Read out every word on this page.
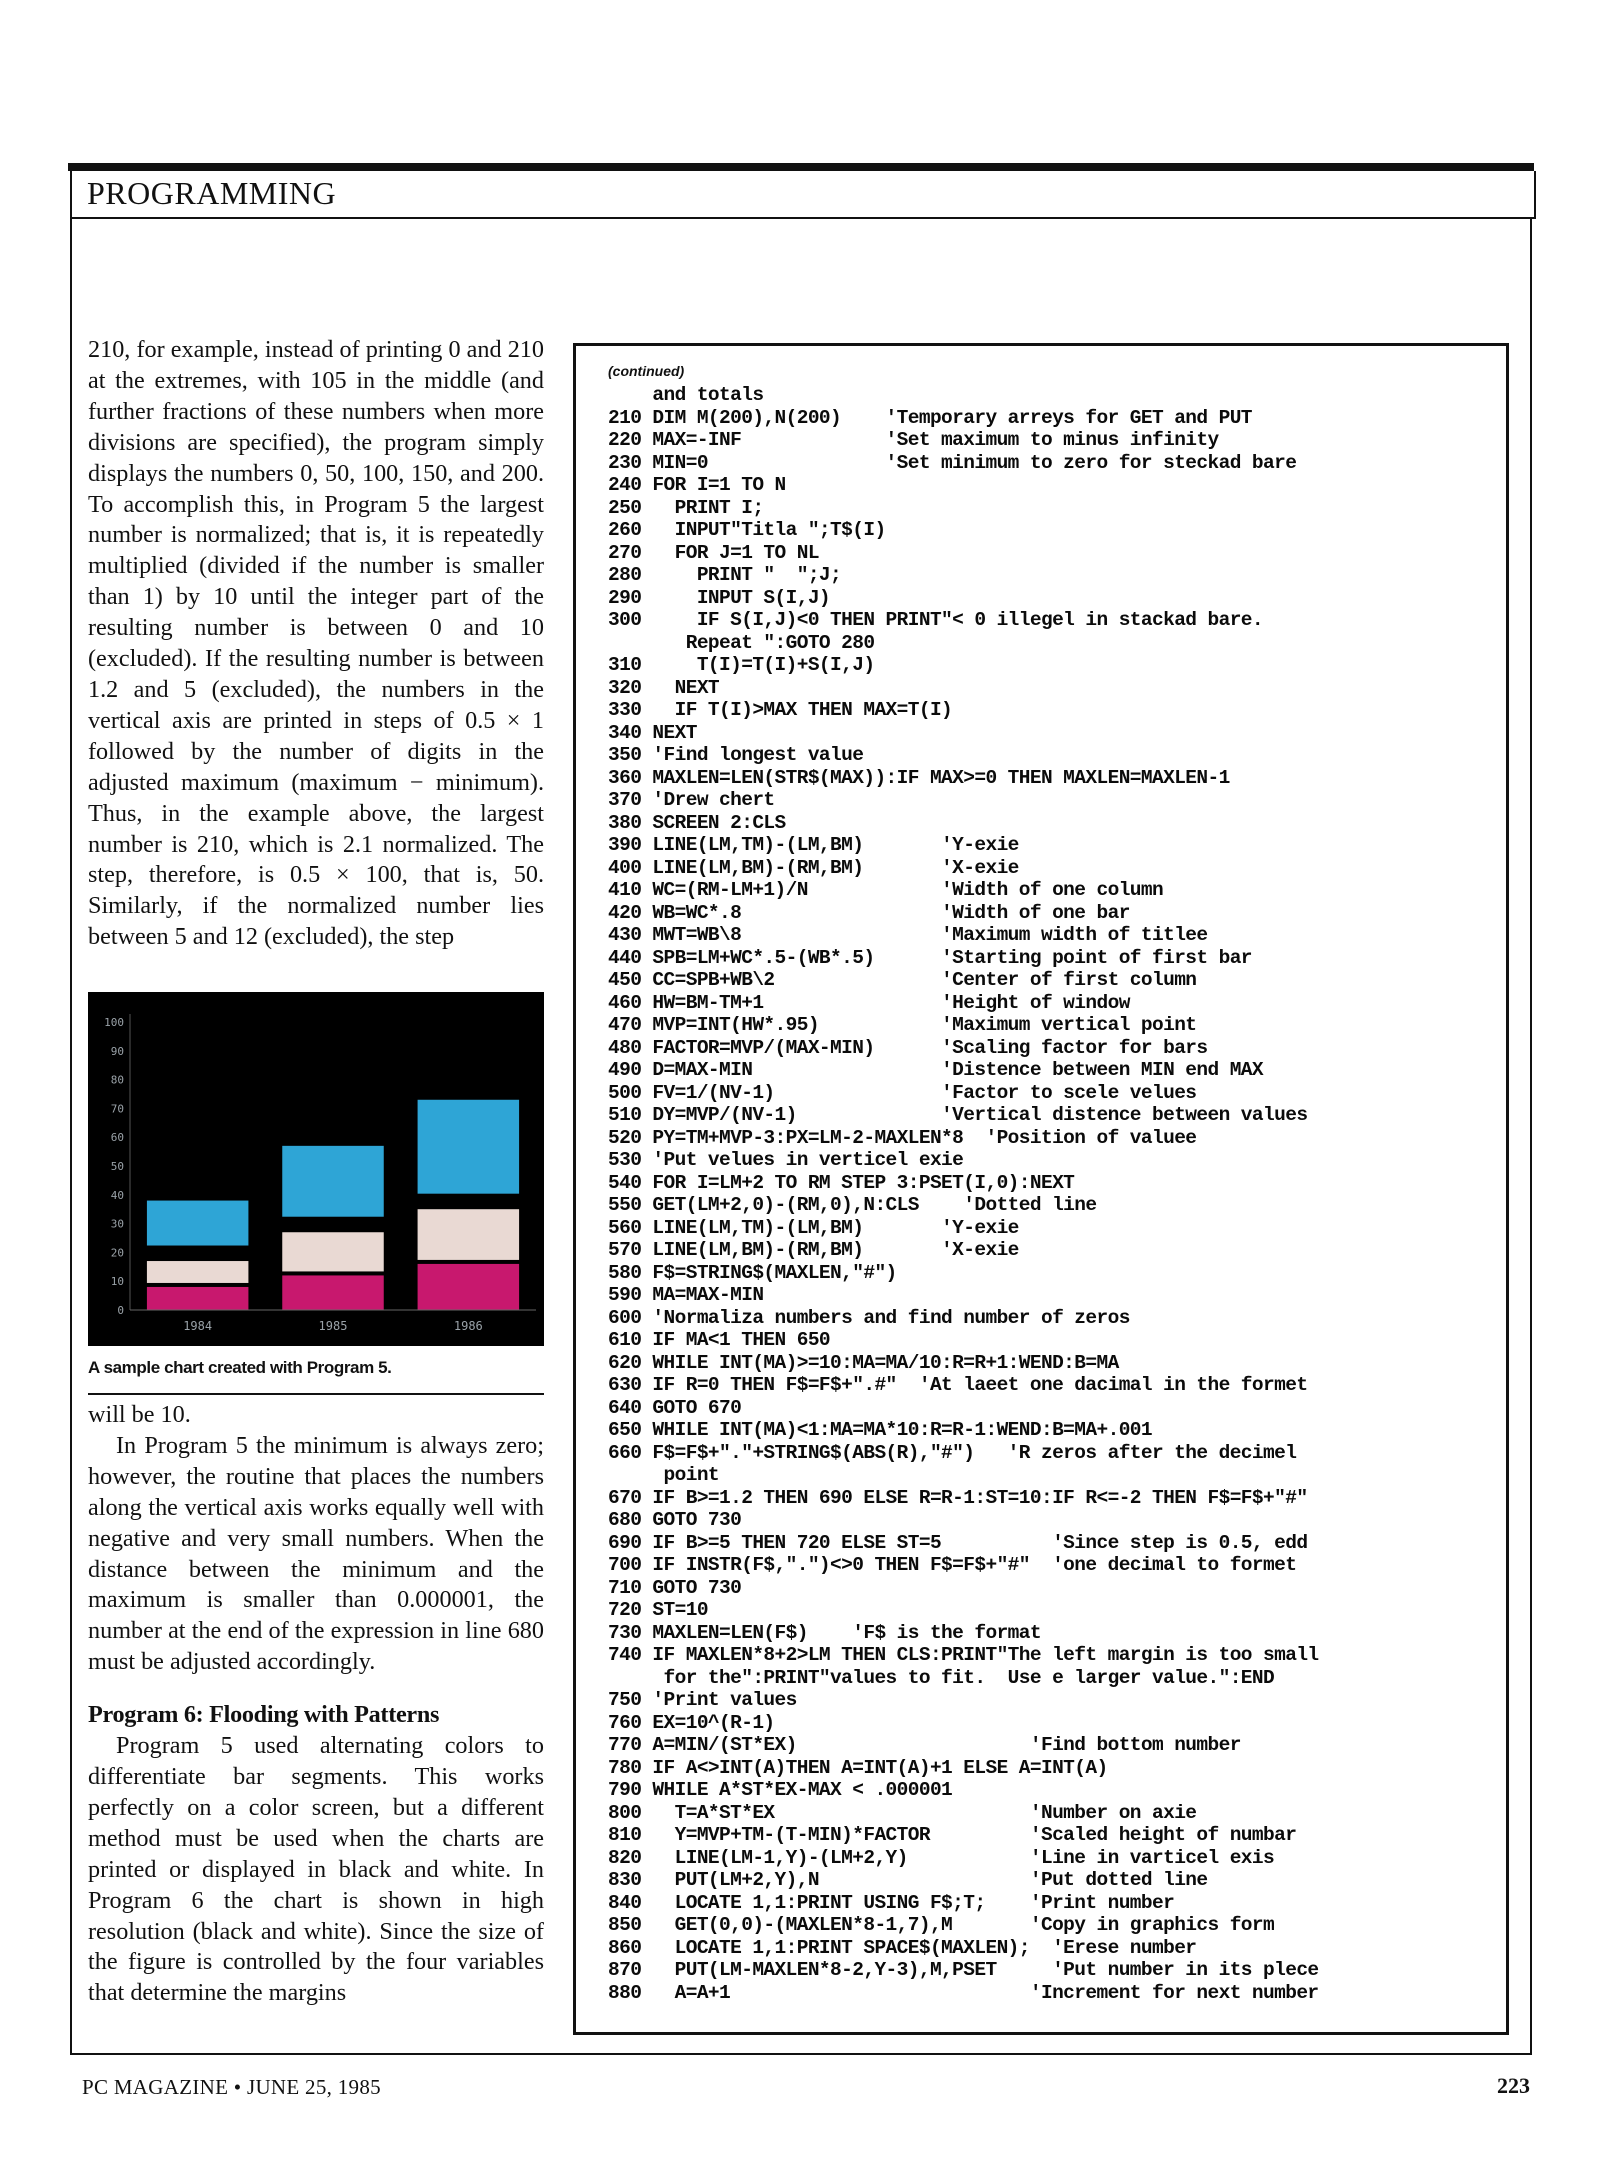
PROGRAMMING

210, for example, instead of printing 0 and 210 at the extremes, with 105 in the middle (and further fractions of these numbers when more divisions are specified), the program simply displays the numbers 0, 50, 100, 150, and 200. To accomplish this, in Program 5 the largest number is normalized; that is, it is repeatedly multiplied (divided if the number is smaller than 1) by 10 until the integer part of the resulting number is between 0 and 10 (excluded). If the resulting number is between 1.2 and 5 (excluded), the numbers in the vertical axis are printed in steps of 0.5 × 1 followed by the number of digits in the adjusted maximum (maximum − minimum). Thus, in the example above, the largest number is 210, which is 2.1 normalized. The step, therefore, is 0.5 × 100, that is, 50. Similarly, if the normalized number lies between 5 and 12 (excluded), the step

100
90
80
70
60
50
40
30
20
10
0
1984	1985	1986
A sample chart created with Program 5.

will be 10.

In Program 5 the minimum is always zero; however, the routine that places the numbers along the vertical axis works equally well with negative and very small numbers. When the distance between the minimum and the maximum is smaller than 0.000001, the number at the end of the expression in line 680 must be adjusted accordingly.

Program 6: Flooding with Patterns

Program 5 used alternating colors to differentiate bar segments. This works perfectly on a color screen, but a different method must be used when the charts are printed or displayed in black and white. In Program 6 the chart is shown in high resolution (black and white). Since the size of the figure is controlled by the four variables that determine the margins

(continued)
and totals
210 DIM M(200),N(200)    'Temporary arreys for GET and PUT
220 MAX=-INF             'Set maximum to minus infinity
230 MIN=0                'Set minimum to zero for steckad bare
240 FOR I=1 TO N
250   PRINT I;
260   INPUT"Titla ";T$(I)
270   FOR J=1 TO NL
280     PRINT "  ";J;
290     INPUT S(I,J)
300     IF S(I,J)<0 THEN PRINT"< 0 illegel in stackad bare.
Repeat ":GOTO 280
310     T(I)=T(I)+S(I,J)
320   NEXT
330   IF T(I)>MAX THEN MAX=T(I)
340 NEXT
350 'Find longest value
360 MAXLEN=LEN(STR$(MAX)):IF MAX>=0 THEN MAXLEN=MAXLEN-1
370 'Drew chert
380 SCREEN 2:CLS
390 LINE(LM,TM)-(LM,BM)       'Y-exie
400 LINE(LM,BM)-(RM,BM)       'X-exie
410 WC=(RM-LM+1)/N            'Width of one column
420 WB=WC*.8                  'Width of one bar
430 MWT=WB\8                  'Maximum width of titlee
440 SPB=LM+WC*.5-(WB*.5)      'Starting point of first bar
450 CC=SPB+WB\2               'Center of first column
460 HW=BM-TM+1                'Height of window
470 MVP=INT(HW*.95)           'Maximum vertical point
480 FACTOR=MVP/(MAX-MIN)      'Scaling factor for bars
490 D=MAX-MIN                 'Distence between MIN end MAX
500 FV=1/(NV-1)               'Factor to scele velues
510 DY=MVP/(NV-1)             'Vertical distence between values
520 PY=TM+MVP-3:PX=LM-2-MAXLEN*8  'Position of valuee
530 'Put velues in verticel exie
540 FOR I=LM+2 TO RM STEP 3:PSET(I,0):NEXT
550 GET(LM+2,0)-(RM,0),N:CLS    'Dotted line
560 LINE(LM,TM)-(LM,BM)       'Y-exie
570 LINE(LM,BM)-(RM,BM)       'X-exie
580 F$=STRING$(MAXLEN,"#")
590 MA=MAX-MIN
600 'Normaliza numbers and find number of zeros
610 IF MA<1 THEN 650
620 WHILE INT(MA)>=10:MA=MA/10:R=R+1:WEND:B=MA
630 IF R=0 THEN F$=F$+".#"  'At laeet one dacimal in the formet
640 GOTO 670
650 WHILE INT(MA)<1:MA=MA*10:R=R-1:WEND:B=MA+.001
660 F$=F$+"."+STRING$(ABS(R),"#")   'R zeros after the decimel
point
670 IF B>=1.2 THEN 690 ELSE R=R-1:ST=10:IF R<=-2 THEN F$=F$+"#"
680 GOTO 730
690 IF B>=5 THEN 720 ELSE ST=5          'Since step is 0.5, edd
700 IF INSTR(F$,".")<>0 THEN F$=F$+"#"  'one decimal to formet
710 GOTO 730
720 ST=10
730 MAXLEN=LEN(F$)    'F$ is the format
740 IF MAXLEN*8+2>LM THEN CLS:PRINT"The left margin is too small
for the":PRINT"values to fit.  Use e larger value.":END
750 'Print values
760 EX=10^(R-1)
770 A=MIN/(ST*EX)                     'Find bottom number
780 IF A<>INT(A)THEN A=INT(A)+1 ELSE A=INT(A)
790 WHILE A*ST*EX-MAX < .000001
800   T=A*ST*EX                       'Number on axie
810   Y=MVP+TM-(T-MIN)*FACTOR         'Scaled height of numbar
820   LINE(LM-1,Y)-(LM+2,Y)           'Line in varticel exis
830   PUT(LM+2,Y),N                   'Put dotted line
840   LOCATE 1,1:PRINT USING F$;T;    'Print number
850   GET(0,0)-(MAXLEN*8-1,7),M       'Copy in graphics form
860   LOCATE 1,1:PRINT SPACE$(MAXLEN);  'Erese number
870   PUT(LM-MAXLEN*8-2,Y-3),M,PSET     'Put number in its plece
880   A=A+1                           'Increment for next number
PC MAGAZINE • JUNE 25, 1985	223
